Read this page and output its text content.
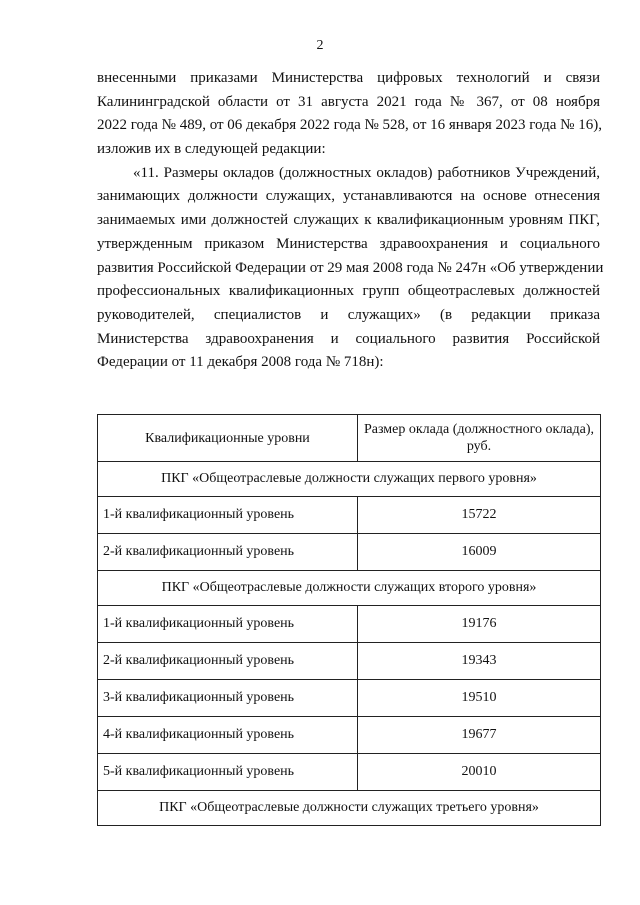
2
внесенными приказами Министерства цифровых технологий и связи
Калининградской области от 31 августа 2021 года № 367, от 08 ноября
2022 года № 489, от 06 декабря 2022 года № 528, от 16 января 2023 года № 16),
изложив их в следующей редакции:
«11. Размеры окладов (должностных окладов) работников Учреждений,
занимающих должности служащих, устанавливаются на основе отнесения
занимаемых ими должностей служащих к квалификационным уровням ПКГ,
утвержденным приказом Министерства здравоохранения и социального
развития Российской Федерации от 29 мая 2008 года № 247н «Об утверждении
профессиональных квалификационных групп общеотраслевых должностей
руководителей, специалистов и служащих» (в редакции приказа
Министерства здравоохранения и социального развития Российской
Федерации от 11 декабря 2008 года № 718н):
Квалификационные уровни	Размер оклада (должностного оклада), руб.
ПКГ «Общеотраслевые должности служащих первого уровня»	
1-й квалификационный уровень	15722
2-й квалификационный уровень	16009
ПКГ «Общеотраслевые должности служащих второго уровня»	
1-й квалификационный уровень	19176
2-й квалификационный уровень	19343
3-й квалификационный уровень	19510
4-й квалификационный уровень	19677
5-й квалификационный уровень	20010
ПКГ «Общеотраслевые должности служащих третьего уровня»	
